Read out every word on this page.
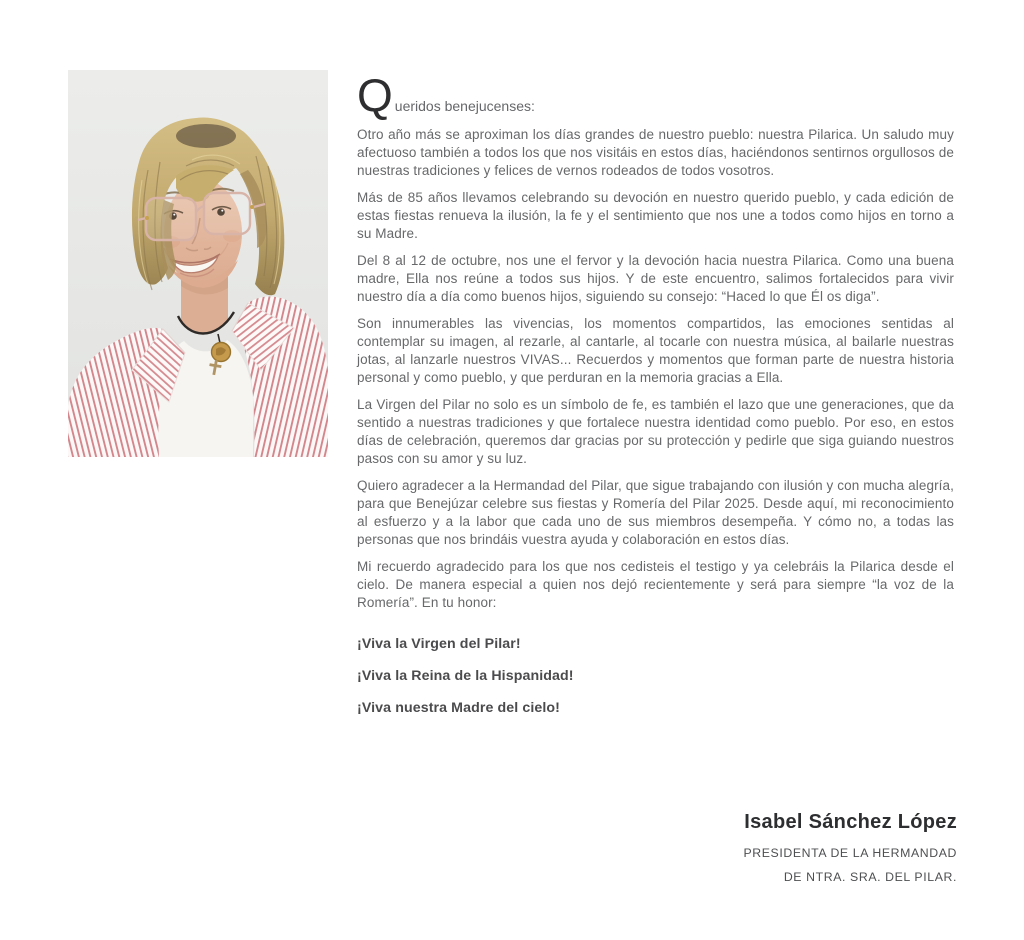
Queridos benejucenses:

Otro año más se aproximan los días grandes de nuestro pueblo: nuestra Pilarica. Un saludo muy afectuoso también a todos los que nos visitáis en estos días, haciéndonos sentirnos orgullosos de nuestras tradiciones y felices de vernos rodeados de todos vosotros.

Más de 85 años llevamos celebrando su devoción en nuestro querido pueblo, y cada edición de estas fiestas renueva la ilusión, la fe y el sentimiento que nos une a todos como hijos en torno a su Madre.

Del 8 al 12 de octubre, nos une el fervor y la devoción hacia nuestra Pilarica. Como una buena madre, Ella nos reúne a todos sus hijos. Y de este encuentro, salimos fortalecidos para vivir nuestro día a día como buenos hijos, siguiendo su consejo: “Haced lo que Él os diga”.

Son innumerables las vivencias, los momentos compartidos, las emociones sentidas al contemplar su imagen, al rezarle, al cantarle, al tocarle con nuestra música, al bailarle nuestras jotas, al lanzarle nuestros VIVAS... Recuerdos y momentos que forman parte de nuestra historia personal y como pueblo, y que perduran en la memoria gracias a Ella.

La Virgen del Pilar no solo es un símbolo de fe, es también el lazo que une generaciones, que da sentido a nuestras tradiciones y que fortalece nuestra identidad como pueblo. Por eso, en estos días de celebración, queremos dar gracias por su protección y pedirle que siga guiando nuestros pasos con su amor y su luz.

Quiero agradecer a la Hermandad del Pilar, que sigue trabajando con ilusión y con mucha alegría, para que Benejúzar celebre sus fiestas y Romería del Pilar 2025. Desde aquí, mi reconocimiento al esfuerzo y a la labor que cada uno de sus miembros desempeña. Y cómo no, a todas las personas que nos brindáis vuestra ayuda y colaboración en estos días.

Mi recuerdo agradecido para los que nos cedisteis el testigo y ya celebráis la Pilarica desde el cielo. De manera especial a quien nos dejó recientemente y será para siempre “la voz de la Romería”. En tu honor:

¡Viva la Virgen del Pilar!
¡Viva la Reina de la Hispanidad!
¡Viva nuestra Madre del cielo!
Isabel Sánchez López
PRESIDENTA DE LA HERMANDAD
DE NTRA. SRA. DEL PILAR.
